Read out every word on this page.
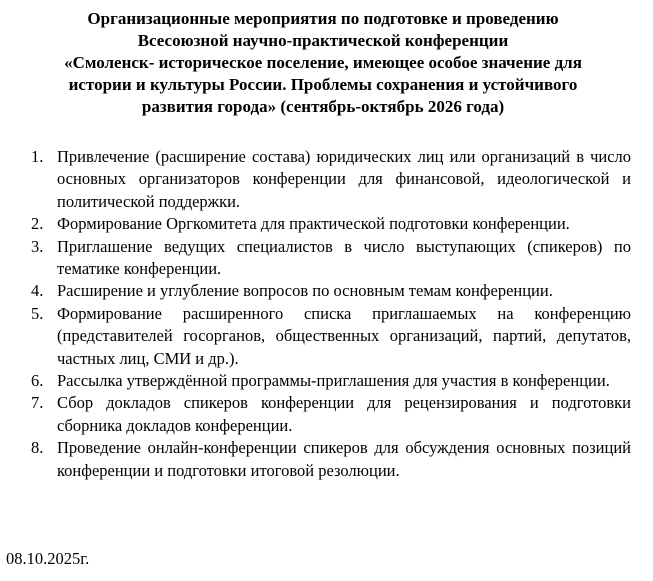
Организационные мероприятия по подготовке и проведению
Всесоюзной научно-практической конференции
«Смоленск- историческое поселение, имеющее особое значение для
истории и культуры России. Проблемы сохранения и устойчивого
развития города» (сентябрь-октябрь 2026 года)
1. Привлечение (расширение состава) юридических лиц или организаций в число основных организаторов конференции для финансовой, идеологической и политической поддержки.
2. Формирование Оргкомитета для практической подготовки конференции.
3. Приглашение ведущих специалистов в число выступающих (спикеров) по тематике конференции.
4. Расширение и углубление вопросов по основным темам конференции.
5. Формирование расширенного списка приглашаемых на конференцию (представителей госорганов, общественных организаций, партий, депутатов, частных лиц, СМИ и др.).
6. Рассылка утверждённой программы-приглашения для участия в конференции.
7. Сбор докладов спикеров конференции для рецензирования и подготовки сборника докладов конференции.
8. Проведение онлайн-конференции спикеров для обсуждения основных позиций конференции и подготовки итоговой резолюции.
08.10.2025г.
